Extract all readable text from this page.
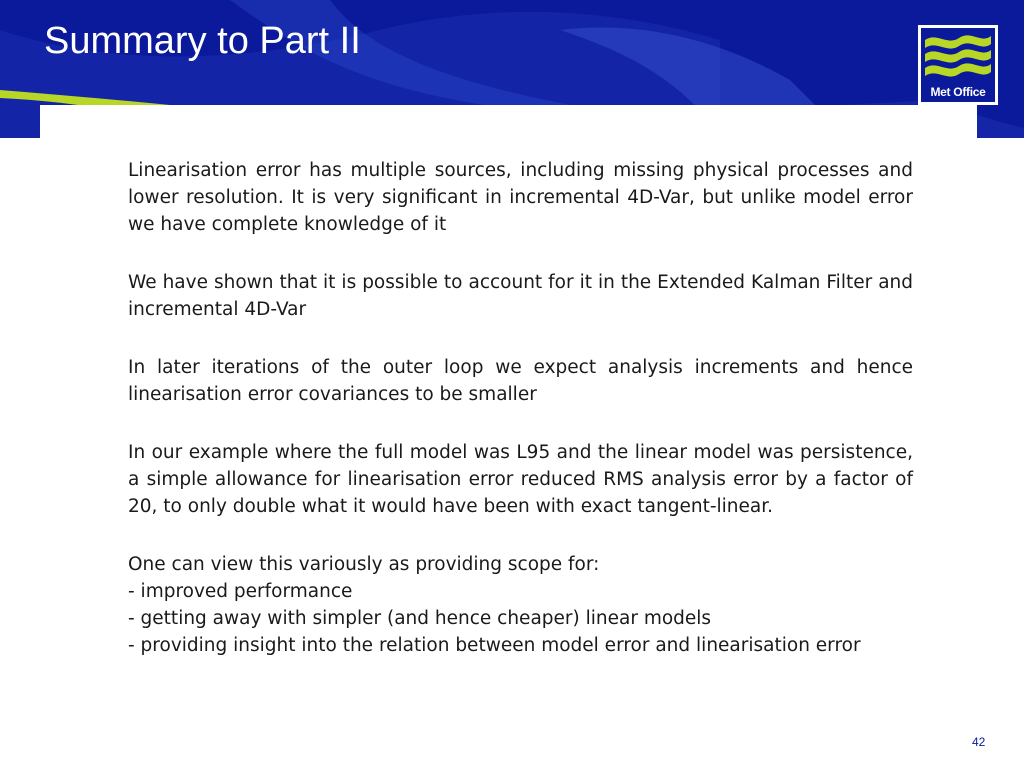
Summary to Part II
Met Office

Linearisation error has multiple sources, including missing physical processes and lower resolution. It is very significant in incremental 4D-Var, but unlike model error we have complete knowledge of it

We have shown that it is possible to account for it in the Extended Kalman Filter and incremental 4D-Var

In later iterations of the outer loop we expect analysis increments and hence linearisation error covariances to be smaller

In our example where the full model was L95 and the linear model was persistence, a simple allowance for linearisation error reduced RMS analysis error by a factor of 20, to only double what it would have been with exact tangent-linear.

One can view this variously as providing scope for:
- improved performance
- getting away with simpler (and hence cheaper) linear models
- providing insight into the relation between model error and linearisation error

42
